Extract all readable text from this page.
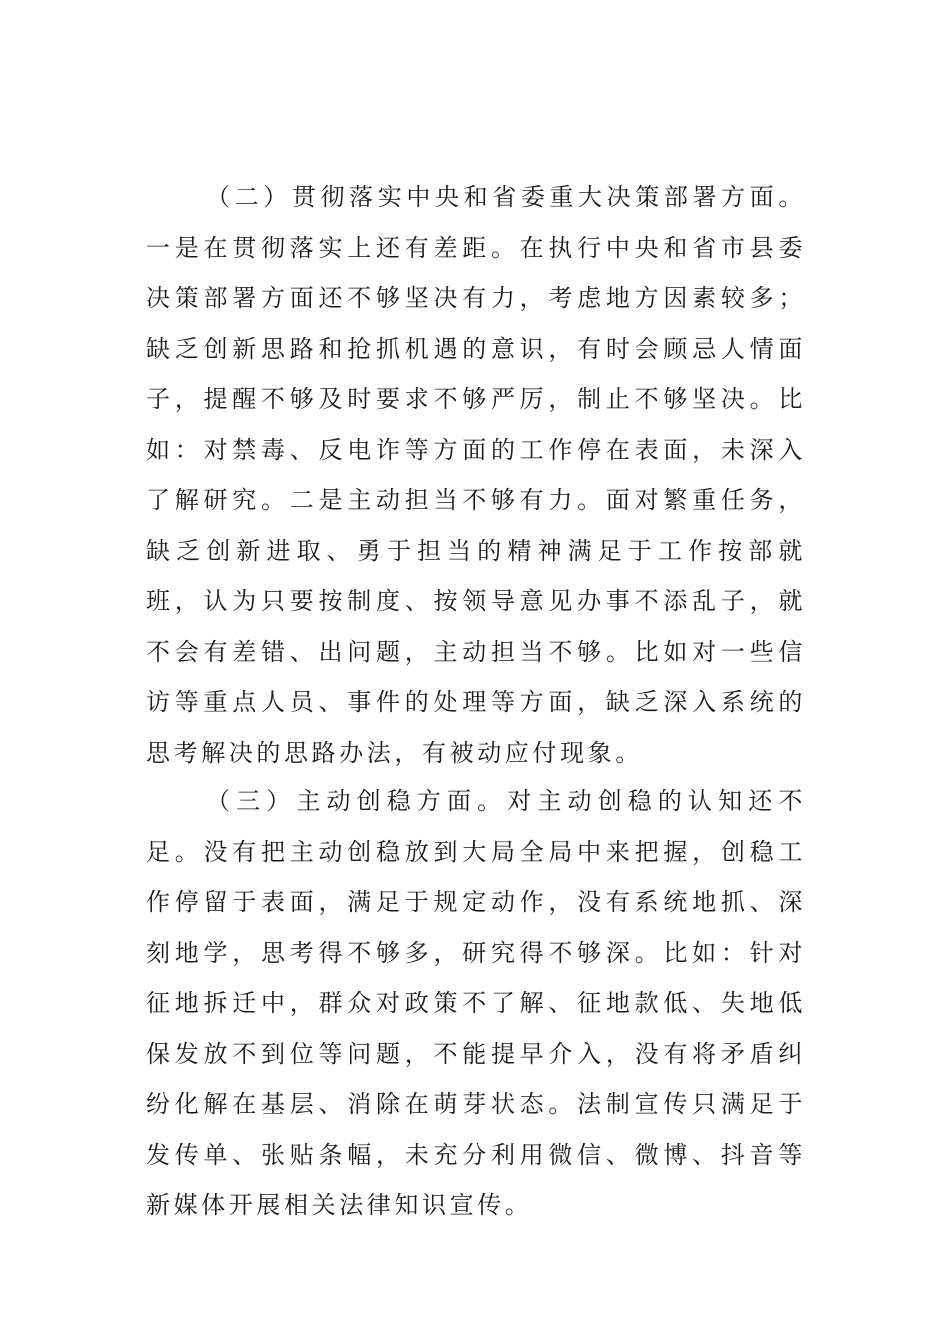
（二）贯彻落实中央和省委重大决策部署方面。一是在贯彻落实上还有差距。在执行中央和省市县委决策部署方面还不够坚决有力，考虑地方因素较多；缺乏创新思路和抢抓机遇的意识，有时会顾忌人情面子，提醒不够及时要求不够严厉，制止不够坚决。比如：对禁毒、反电诈等方面的工作停在表面，未深入了解研究。二是主动担当不够有力。面对繁重任务，缺乏创新进取、勇于担当的精神满足于工作按部就班，认为只要按制度、按领导意见办事不添乱子，就不会有差错、出问题，主动担当不够。比如对一些信访等重点人员、事件的处理等方面，缺乏深入系统的思考解决的思路办法，有被动应付现象。

（三）主动创稳方面。对主动创稳的认知还不足。没有把主动创稳放到大局全局中来把握，创稳工作停留于表面，满足于规定动作，没有系统地抓、深刻地学，思考得不够多，研究得不够深。比如：针对征地拆迁中，群众对政策不了解、征地款低、失地低保发放不到位等问题，不能提早介入，没有将矛盾纠纷化解在基层、消除在萌芽状态。法制宣传只满足于发传单、张贴条幅，未充分利用微信、微博、抖音等新媒体开展相关法律知识宣传。
